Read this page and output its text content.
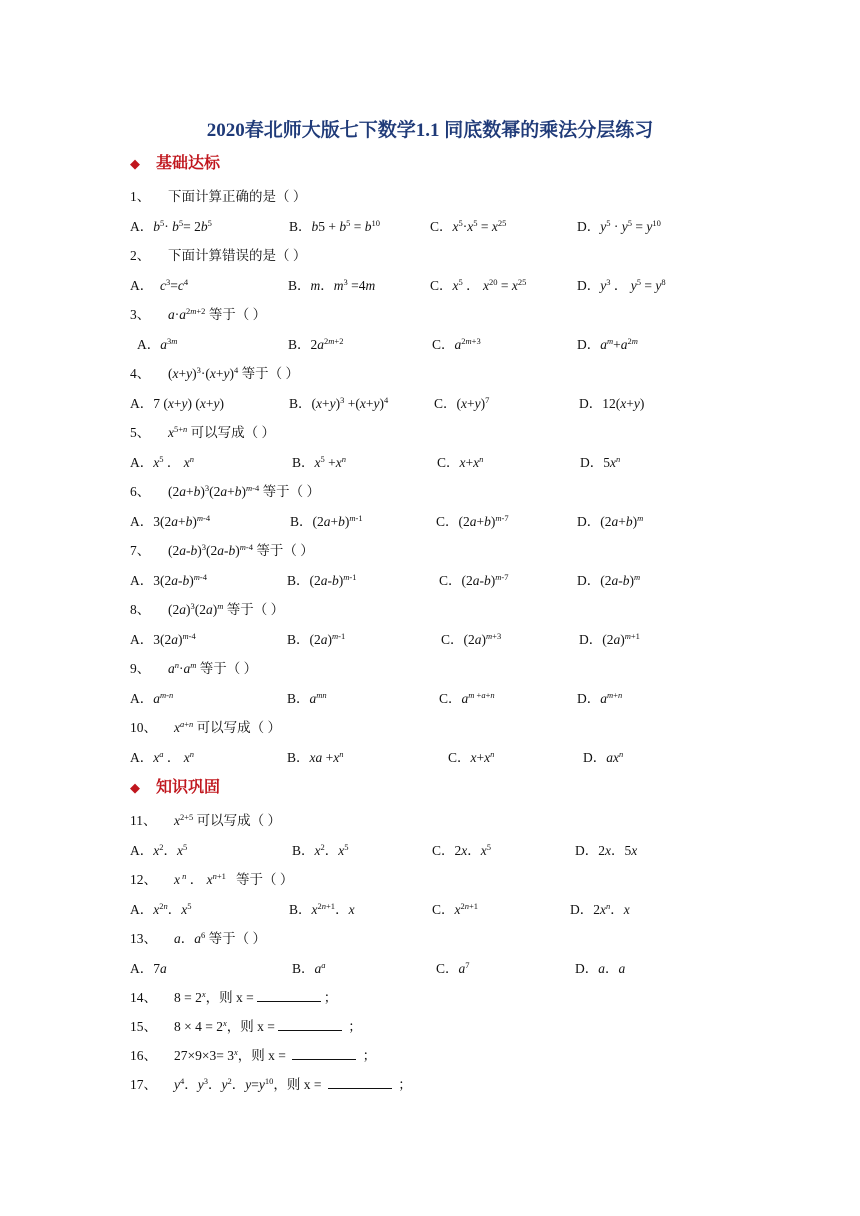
2020春北师大版七下数学1.1 同底数幂的乘法分层练习
◆ 基础达标
1、 下面计算正确的是（ ）
A．$b^5\cdot b^5= 2b^5$	B．$b5 + b^5 = b^{10}$	C．$x^5\cdot x^5 = x^{25}$	D．$y^5 \cdot y^5 = y^{10}$
2、 下面计算错误的是（ ）
A． $c^3=c^4$	B．m．$m^3 =4m$	C．$x^5$ ． $x^{20} = x^{25}$	D．$y^3$ ． $y^5 = y^8$
3、 $a\cdot a^{2m+2}$ 等于（ ）
A．$a^{3m}$	B．$2a^{2m+2}$	C．$a^{2m+3}$	D．$a^m+a^{2m}$
4、 $(x+y)^3\cdot(x+y)^4$ 等于（ ）
A．7 (x+y) (x+y)	B．$(x+y)^3 +(x+y)^4$	C．$(x+y)^7$	D．12(x+y)
5、 $x^{5+n}$ 可以写成（ ）
A．$x^5$ ． $x^n$	B．$x^5 +x^n$	C．$x+x^n$	D．$5x^n$
6、 $(2a+b)^3(2a+b)^{m-4}$ 等于（ ）
A．$3(2a+b)^{m-4}$	B．$(2a+b)^{m-1}$	C．$(2a+b)^{m-7}$	D．$(2a+b)^m$
7、 $(2a-b)^3(2a-b)^{m-4}$ 等于（ ）
A．$3(2a-b)^{m-4}$	B．$(2a-b)^{m-1}$	C．$(2a-b)^{m-7}$	D．$(2a-b)^m$
8、 $(2a)^3(2a)^m$ 等于（ ）
A．$3(2a)^{m-4}$	B．$(2a)^{m-1}$	C．$(2a)^{m+3}$	D．$(2a)^{m+1}$
9、 $a^n\cdot a^m$ 等于（ ）
A．$a^{m-n}$	B．$a^{mn}$	C．$a^{m +a+n}$	D．$a^{m+n}$
10、 $x^{a+n}$ 可以写成（ ）
A．$x^a$ ． $x^n$	B．xa $+x^n$	C．$x+x^n$	D．$ax^n$
◆ 知识巩固
11、 $x^{2+5}$ 可以写成（ ）
A．$x^2$．$x^5$	B．$x^2$．$x^5$	C．2x．$x^5$	D．2x．5x
12、 x $^n$ ． $x^{n+1}$ 等于（ ）
A．$x^{2n}$．$x^5$	B．$x^{2n+1}$．x	C．$x^{2n+1}$	D．$2x^n$．x
13、 a．$a^6$ 等于（ ）
A．7a	B．$a^a$	C．$a^7$	D．a．a
14、 $8 = 2^x$，则 x =	；
15、 $8 \times 4 = 2^x$，则 x =	；
16、 $27\times 9\times 3= 3^x$，则 x =	；
17、 $y^4$．$y^3$．$y^2$．$y=y^{10}$，则 x =	；
